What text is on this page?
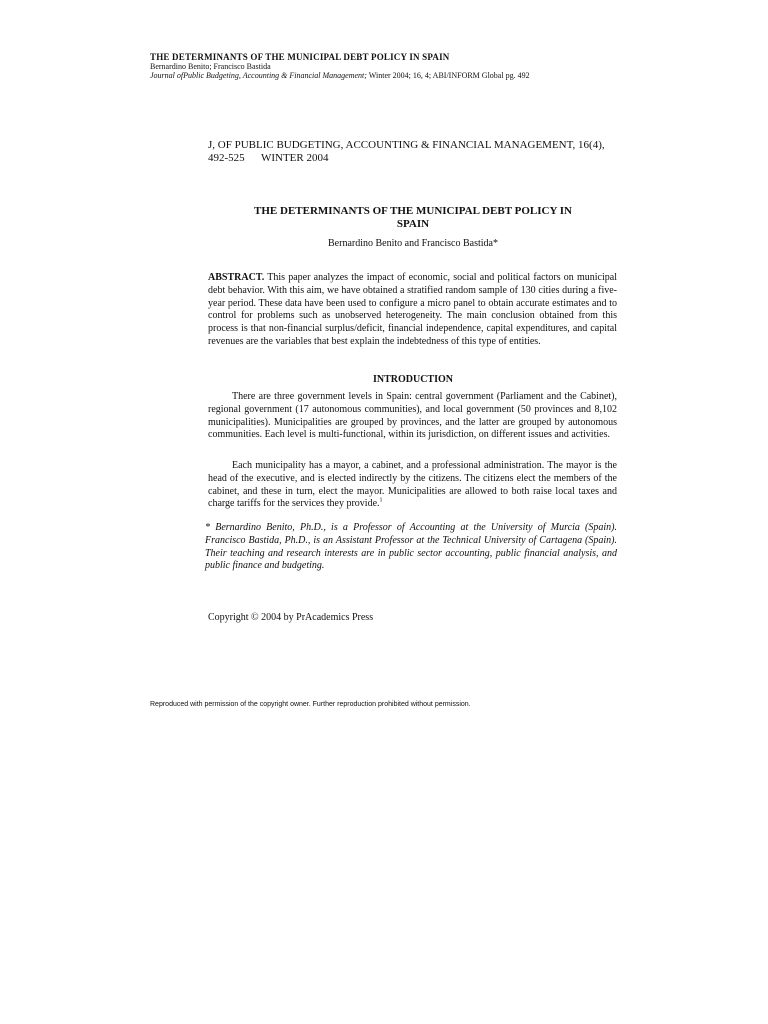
THE DETERMINANTS OF THE MUNICIPAL DEBT POLICY IN SPAIN
Bernardino Benito; Francisco Bastida
Journal ofPublic Budgeting, Accounting & Financial Management; Winter 2004; 16, 4; ABI/INFORM Global pg. 492
J, OF PUBLIC BUDGETING, ACCOUNTING & FINANCIAL MANAGEMENT, 16(4),
492-525      WINTER 2004
THE DETERMINANTS OF THE MUNICIPAL DEBT POLICY IN
SPAIN
Bernardino Benito and Francisco Bastida*
ABSTRACT. This paper analyzes the impact of economic, social and political factors on municipal debt behavior. With this aim, we have obtained a stratified random sample of 130 cities during a five-year period. These data have been used to configure a micro panel to obtain accurate estimates and to control for problems such as unobserved heterogeneity. The main conclusion obtained from this process is that non-financial surplus/deficit, financial independence, capital expenditures, and capital revenues are the variables that best explain the indebtedness of this type of entities.
INTRODUCTION
There are three government levels in Spain: central government (Parliament and the Cabinet), regional government (17 autonomous communities), and local government (50 provinces and 8,102 municipalities). Municipalities are grouped by provinces, and the latter are grouped by autonomous communities. Each level is multi-functional, within its jurisdiction, on different issues and activities.
Each municipality has a mayor, a cabinet, and a professional administration. The mayor is the head of the executive, and is elected indirectly by the citizens. The citizens elect the members of the cabinet, and these in turn, elect the mayor. Municipalities are allowed to both raise local taxes and charge tariffs for the services they provide.$^1$
* Bernardino Benito, Ph.D., is a Professor of Accounting at the University of Murcia (Spain). Francisco Bastida, Ph.D., is an Assistant Professor at the Technical University of Cartagena (Spain). Their teaching and research interests are in public sector accounting, public financial analysis, and public finance and budgeting.
Copyright © 2004 by PrAcademics Press
Reproduced with permission of the copyright owner. Further reproduction prohibited without permission.
